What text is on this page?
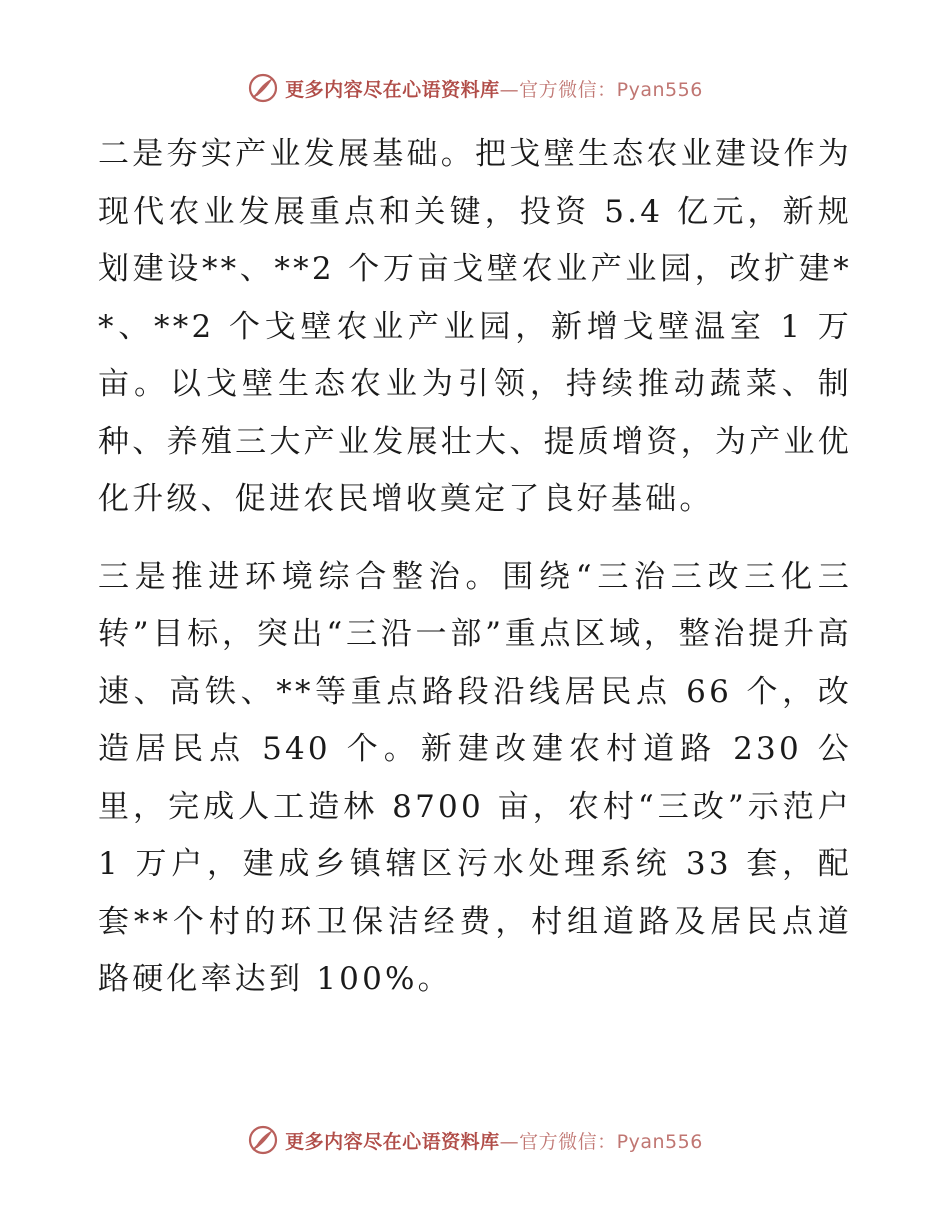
更多内容尽在心语资料库—官方微信：Pyan556

二是夯实产业发展基础。把戈壁生态农业建设作为现代农业发展重点和关键，投资 5.4 亿元，新规划建设**、**2 个万亩戈壁农业产业园，改扩建**、**2 个戈壁农业产业园，新增戈壁温室 1 万亩。以戈壁生态农业为引领，持续推动蔬菜、制种、养殖三大产业发展壮大、提质增资，为产业优化升级、促进农民增收奠定了良好基础。

三是推进环境综合整治。围绕“三治三改三化三转”目标，突出“三沿一部”重点区域，整治提升高速、高铁、**等重点路段沿线居民点 66 个，改造居民点 540 个。新建改建农村道路 230 公里，完成人工造林 8700 亩，农村“三改”示范户 1 万户，建成乡镇辖区污水处理系统 33 套，配套**个村的环卫保洁经费，村组道路及居民点道路硬化率达到 100%。

更多内容尽在心语资料库—官方微信：Pyan556
